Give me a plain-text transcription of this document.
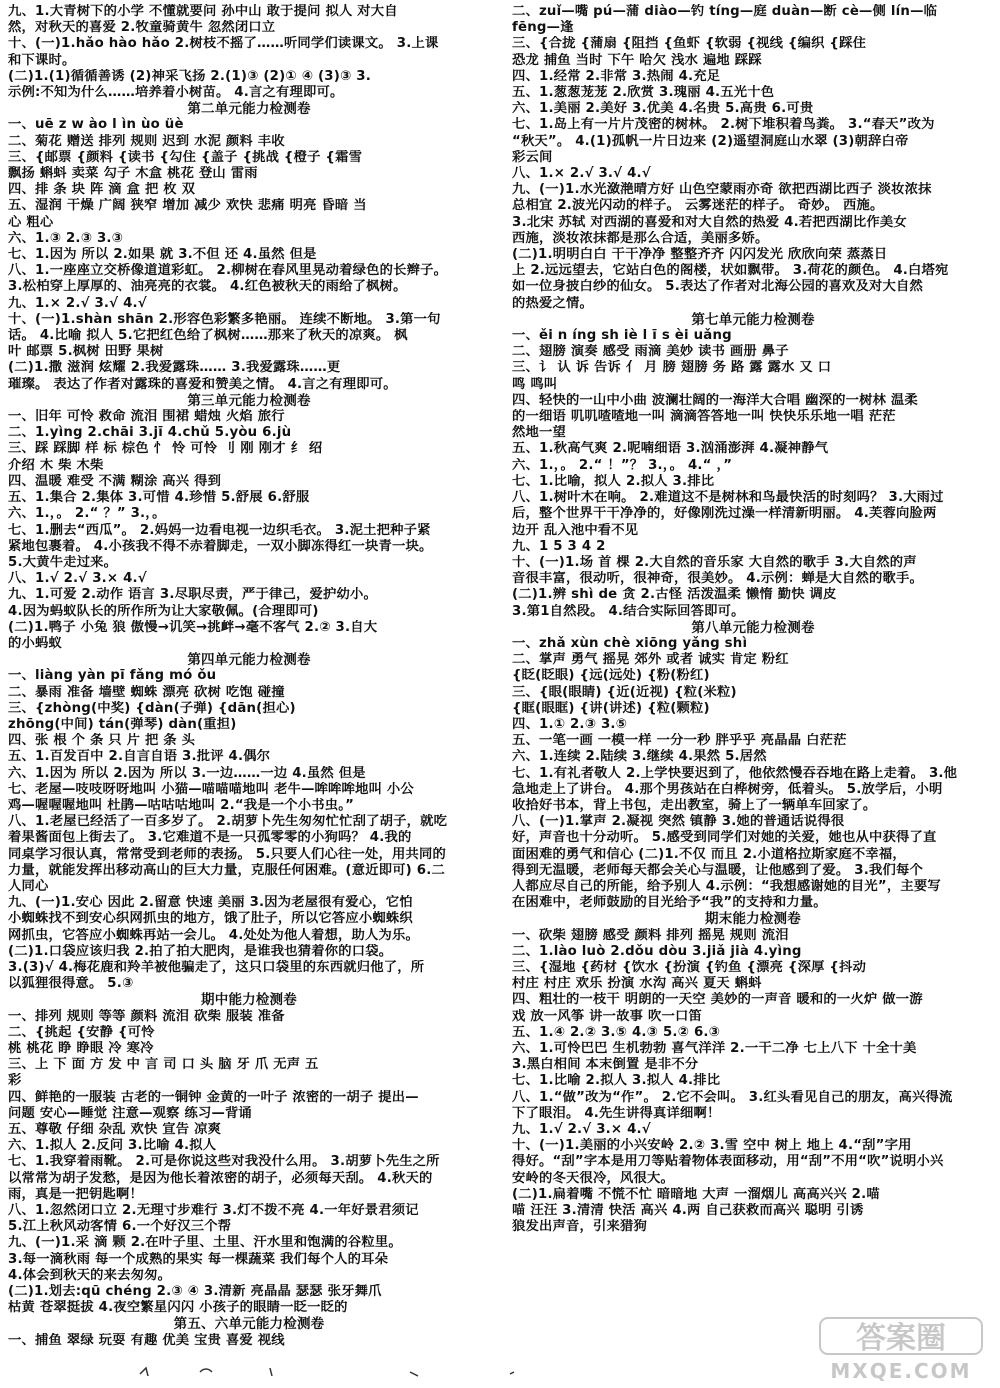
九、1.大青树下的小学 不懂就要问 孙中山 敢于提问 拟人 对大自
然，对秋天的喜爱 2.牧童骑黄牛 忽然闭口立
十、(一)1.hǎo hào hǎo 2.树枝不摇了……听同学们读课文。 3.上课
和下课时。
(二)1.(1)循循善诱 (2)神采飞扬 2.(1)③ (2)① ④ (3)③ 3.
示例:不知为什么……培养着小树苗。 4.言之有理即可。
第二单元能力检测卷
一、uē z w ào l ìn ùo üè
二、菊花 赠送 排列 规则 迟到 水泥 颜料 丰收
三、{邮票 {颜料 {读书 {勾住 {盖子 {挑战 {橙子 {霜雪
飘扬 蝌蚪 卖菜 勾子 木盒 桃花 登山 雷雨
四、排 条 块 阵 滴 盒 把 枚 双
五、湿润 干燥 广阔 狭窄 增加 减少 欢快 悲痛 明亮 昏暗 当
心 粗心
六、1.③ 2.③ 3.③
七、1.因为 所以 2.如果 就 3.不但 还 4.虽然 但是
八、1.一座座立交桥像道道彩虹。 2.柳树在春风里晃动着绿色的长辫子。
3.松柏穿上厚厚的、油亮亮的衣裳。 4.红色被秋天的雨给了枫树。
九、1.× 2.√ 3.√ 4.√
十、(一)1.shàn shān 2.形容色彩繁多艳丽。 连续不断地。 3.第一句
话。 4.比喻 拟人 5.它把红色给了枫树……那来了秋天的凉爽。 枫
叶 邮票 5.枫树 田野 果树
(二)1.撒 滋润 炫耀 2.我爱露珠…… 3.我爱露珠……更
璀璨。 表达了作者对露珠的喜爱和赞美之情。 4.言之有理即可。
第三单元能力检测卷
一、旧年 可怜 救命 流泪 围裙 蜡烛 火焰 旅行
二、1.yìng 2.chāi 3.jī 4.chǔ 5.yòu 6.jù
三、踩 踩脚 样 标 棕色 忄 怜 可怜 刂 刚 刚才 纟 绍
介绍 木 柴 木柴
四、温暖 难受 不满 糊涂 高兴 得到
五、1.集合 2.集体 3.可惜 4.珍惜 5.舒展 6.舒服
六、1.，。 2.“ ？” 3.，。
七、1.删去“西瓜”。 2.妈妈一边看电视一边织毛衣。 3.泥土把种子紧
紧地包裹着。 4.小孩我不得不赤着脚走，一双小脚冻得红一块青一块。
5.大黄牛走过来。
八、1.√ 2.√ 3.× 4.√
九、1.可爱 2.动作 语言 3.尽职尽责，严于律己，爱护幼小。
4.因为蚂蚁队长的所作所为让大家敬佩。(合理即可)
(二)1.鸭子 小兔 狼 傲慢→讥笑→挑衅→毫不客气 2.② 3.自大
的小蚂蚁
第四单元能力检测卷
一、liàng yàn pī fǎng mó ǒu
二、暴雨 准备 墙壁 蜘蛛 漂亮 砍树 吃饱 碰撞
三、{zhòng(中奖) {dàn(子弹) {dān(担心)
zhōng(中间) tán(弹琴) dàn(重担)
四、张 根 个 条 只 片 把 条 头
五、1.百发百中 2.自言自语 3.批评 4.偶尔
六、1.因为 所以 2.因为 所以 3.一边……一边 4.虽然 但是
七、老屋—吱吱呀呀地叫 小猫—喵喵喵地叫 老牛—哞哞哞地叫 小公
鸡—喔喔喔地叫 杜鹃—咕咕咕地叫 2.“我是一个小书虫。”
八、1.老屋已经活了一百多岁了。 2.胡萝卜先生匆匆忙忙刮了胡子，就吃
着果酱面包上街去了。 3.它难道不是一只孤零零的小狗吗？ 4.我的
同桌学习很认真，常常受到老师的表扬。 5.只要人们心往一处，用共同的
力量，就能发挥出移动高山的巨大力量，克服任何困难。(意近即可) 6.二
人同心
九、(一)1.安心 因此 2.留意 快速 美丽 3.因为老屋很有爱心，它怕
小蜘蛛找不到安心织网抓虫的地方，饿了肚子，所以它答应小蜘蛛织
网抓虫，它答应小蜘蛛再站一会儿。 4.处处为他人着想，助人为乐。
(二)1.口袋应该归我 2.拍了拍大肥肉，是谁我也猜着你的口袋。
3.(3)√ 4.梅花鹿和羚羊被他骗走了，这只口袋里的东西就归他了，所
以狐狸很得意。 5.③
期中能力检测卷
一、排列 规则 等等 颜料 流泪 砍柴 服装 准备
二、{挑起 {安静 {可怜
桃 桃花 睁 睁眼 冷 寒冷
三、上 下 面 方 发 中 言 司 口 头 脑 牙 爪 无声 五
彩
四、鲜艳的一服装 古老的一铜钟 金黄的一叶子 浓密的一胡子 提出—
问题 安心—睡觉 注意—观察 练习—背诵
五、尊敬 仔细 杂乱 欢快 宣告 凉爽
六、1.拟人 2.反问 3.比喻 4.拟人
七、1.我穿着雨靴。 2.可是你说这些对我没什么用。 3.胡萝卜先生之所
以常常为胡子发愁，是因为他长着浓密的胡子，必须每天刮。 4.秋天的
雨，真是一把钥匙啊！
八、1.忽然闭口立 2.无理寸步难行 3.灯不拨不亮 4.一年好景君须记
5.江上秋风动客情 6.一个好汉三个帮
九、(一)1.采 滴 颗 2.在叶子里、土里、汗水里和饱满的谷粒里。
3.每一滴秋雨 每一个成熟的果实 每一棵蔬菜 我们每个人的耳朵
4.体会到秋天的来去匆匆。
(二)1.划去:qū chéng 2.③ ④ 3.清新 亮晶晶 瑟瑟 张牙舞爪
枯黄 苍翠挺拔 4.夜空繁星闪闪 小孩子的眼睛一眨一眨的
第五、六单元能力检测卷
一、捕鱼 翠绿 玩耍 有趣 优美 宝贵 喜爱 视线
二、zuǐ—嘴 pú—蒲 diào—钓 tíng—庭 duàn—断 cè—侧 lín—临
fēng—逢
三、{合拢 {蒲扇 {阻挡 {鱼虾 {软弱 {视线 {编织 {踩住
恐龙 捕鱼 当时 下午 哈欠 浅水 遍地 踩踩
四、1.经常 2.非常 3.热闹 4.充足
五、1.葱葱茏茏 2.欣赏 3.瑰丽 4.五光十色
六、1.美丽 2.美好 3.优美 4.名贵 5.高贵 6.可贵
七、1.岛上有一片片茂密的树林。 2.树下堆积着鸟粪。 3.“春天”改为
“秋天”。 4.(1)孤帆一片日边来 (2)遥望洞庭山水翠 (3)朝辞白帝
彩云间
八、1.× 2.√ 3.√ 4.√
九、(一)1.水光潋滟晴方好 山色空蒙雨亦奇 欲把西湖比西子 淡妆浓抹
总相宜 2.波光闪动的样子。 云雾迷茫的样子。 奇妙。 西施。
3.北宋 苏轼 对西湖的喜爱和对大自然的热爱 4.若把西湖比作美女
西施，淡妆浓抹都是那么合适，美丽多娇。
(二)1.明明白白 干干净净 整整齐齐 闪闪发光 欣欣向荣 蒸蒸日
上 2.远远望去，它站白色的阁楼，状如飘带。 3.荷花的颜色。 4.白塔宛
如一位身披白纱的仙女。 5.表达了作者对北海公园的喜欢及对大自然
的热爱之情。
第七单元能力检测卷
一、ěi n íng sh iè l ī s èi uǎng
二、翅膀 演奏 感受 雨滴 美妙 读书 画册 鼻子
三、讠 认 诉 告诉 亻 月 膀 翅膀 务 路 露 露水 又 口
鸣 鸣叫
四、轻快的一山中小曲 波澜壮阔的一海洋大合唱 幽深的一树林 温柔
的一细语 叽叽喳喳地一叫 滴滴答答地一叫 快快乐乐地一唱 茫茫
然地一望
五、1.秋高气爽 2.呢喃细语 3.汹涌澎湃 4.凝神静气
六、1.，。 2.“ ！”？ 3.，。 4.“ ，”
七、1.比喻，拟人 2.拟人 3.排比
八、1.树叶木在响。 2.难道这不是树林和鸟最快活的时刻吗？ 3.大雨过
后，整个世界干干净净的，好像刚洗过澡一样清新明丽。 4.芙蓉向脸两
边开 乱入池中看不见
九、1 5 3 4 2
十、(一)1.场 首 棵 2.大自然的音乐家 大自然的歌手 3.大自然的声
音很丰富，很动听，很神奇，很美妙。 4.示例：蝉是大自然的歌手。
(二)1.辨 shì de 贪 2.古怪 活泼温柔 懒惰 勤快 调皮
3.第1自然段。 4.结合实际回答即可。
第八单元能力检测卷
一、zhǎ xùn chè xiōng yǎng shì
二、掌声 勇气 摇晃 郊外 或者 诚实 肯定 粉红
{眨(眨眼) {远(远处) {粉(粉红)
三、{眼(眼睛) {近(近视) {粒(米粒)
{眶(眼眶) {讲(讲述) {粒(颗粒)
四、1.① 2.③ 3.⑤
五、一笔一画 一模一样 一分一秒 胖乎乎 亮晶晶 白茫茫
六、1.连续 2.陆续 3.继续 4.果然 5.居然
七、1.有礼者敬人 2.上学快要迟到了，他依然慢吞吞地在路上走着。 3.他
急地走上了讲台。 4.那个男孩站在白桦树旁，低着头。 5.放学后，小明
收拾好书本，背上书包，走出教室，骑上了一辆单车回家了。
八、(一)1.掌声 2.凝视 突然 镇静 3.她的普通话说得很
好，声音也十分动听。 5.感受到同学们对她的关爱，她也从中获得了直
面困难的勇气和信心 (二)1.不仅 而且 2.小道格拉斯家庭不幸福，
得到无温暖，老师每天都会关心与温暖，让他感到了爱。 3.我们每个
人都应尽自己的所能，给予别人 4.示例：“我想感谢她的目光”，主要写
在困难中，老师鼓励的目光给予“我”的支持和力量。
期末能力检测卷
一、砍柴 翅膀 感受 颜料 排列 摇晃 规则 流泪
二、1.lào luò 2.dǒu dòu 3.jiǎ jià 4.yìng
三、{湿地 {药材 {饮水 {扮演 {钓鱼 {漂亮 {深厚 {抖动
村庄 村庄 欢乐 扮演 水沟 高兴 夏天 蝌蚪
四、粗壮的一枝干 明朗的一天空 美妙的一声音 暖和的一火炉 做一游
戏 放一风筝 讲一故事 吹一口笛
五、1.④ 2.② 3.⑤ 4.③ 5.② 6.③
六、1.可怜巴巴 生机勃勃 喜气洋洋 2.一干二净 七上八下 十全十美
3.黑白相间 本末倒置 是非不分
七、1.比喻 2.拟人 3.拟人 4.排比
八、1.“做”改为“作”。 2.它不会叫。 3.红头看见自己的朋友，高兴得流
下了眼泪。 4.先生讲得真详细啊！
九、1.√ 2.√ 3.× 4.√
十、(一)1.美丽的小兴安岭 2.② 3.雪 空中 树上 地上 4.“刮”字用
得好。“刮”字本是用刀等贴着物体表面移动，用“刮”不用“吹”说明小兴
安岭的冬天很冷，风很大。
(二)1.扁着嘴 不慌不忙 暗暗地 大声 一溜烟儿 高高兴兴 2.喵
喵 汪汪 3.清清 快活 高兴 4.两 自己获救而高兴 聪明 引诱
狼发出声音，引来猎狗
答案圈
MXQE.COM
